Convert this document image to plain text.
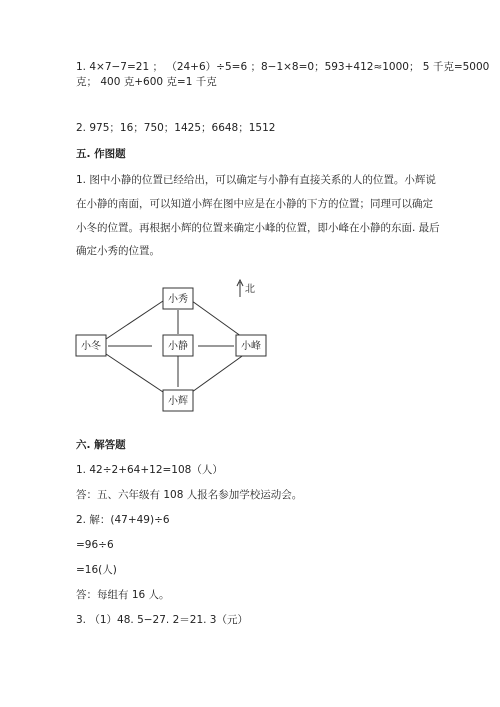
1. 4×7−7=21 ； （24+6）÷5=6 ；8−1×8=0；593+412≈1000； 5 千克=5000
克； 400 克+600 克=1 千克
2. 975；16；750；1425；6648；1512
五. 作图题
1. 图中小静的位置已经给出，可以确定与小静有直接关系的人的位置。小辉说
在小静的南面，可以知道小辉在图中应是在小静的下方的位置；同理可以确定
小冬的位置。再根据小辉的位置来确定小峰的位置，即小峰在小静的东面. 最后
确定小秀的位置。
北
小秀
小冬	小静	小峰
小辉
六. 解答题
1. 42÷2+64+12=108（人）
答：五、六年级有 108 人报名参加学校运动会。
2. 解：(47+49)÷6
=96÷6
=16(人)
答：每组有 16 人。
3. （1）48. 5−27. 2＝21. 3（元）
